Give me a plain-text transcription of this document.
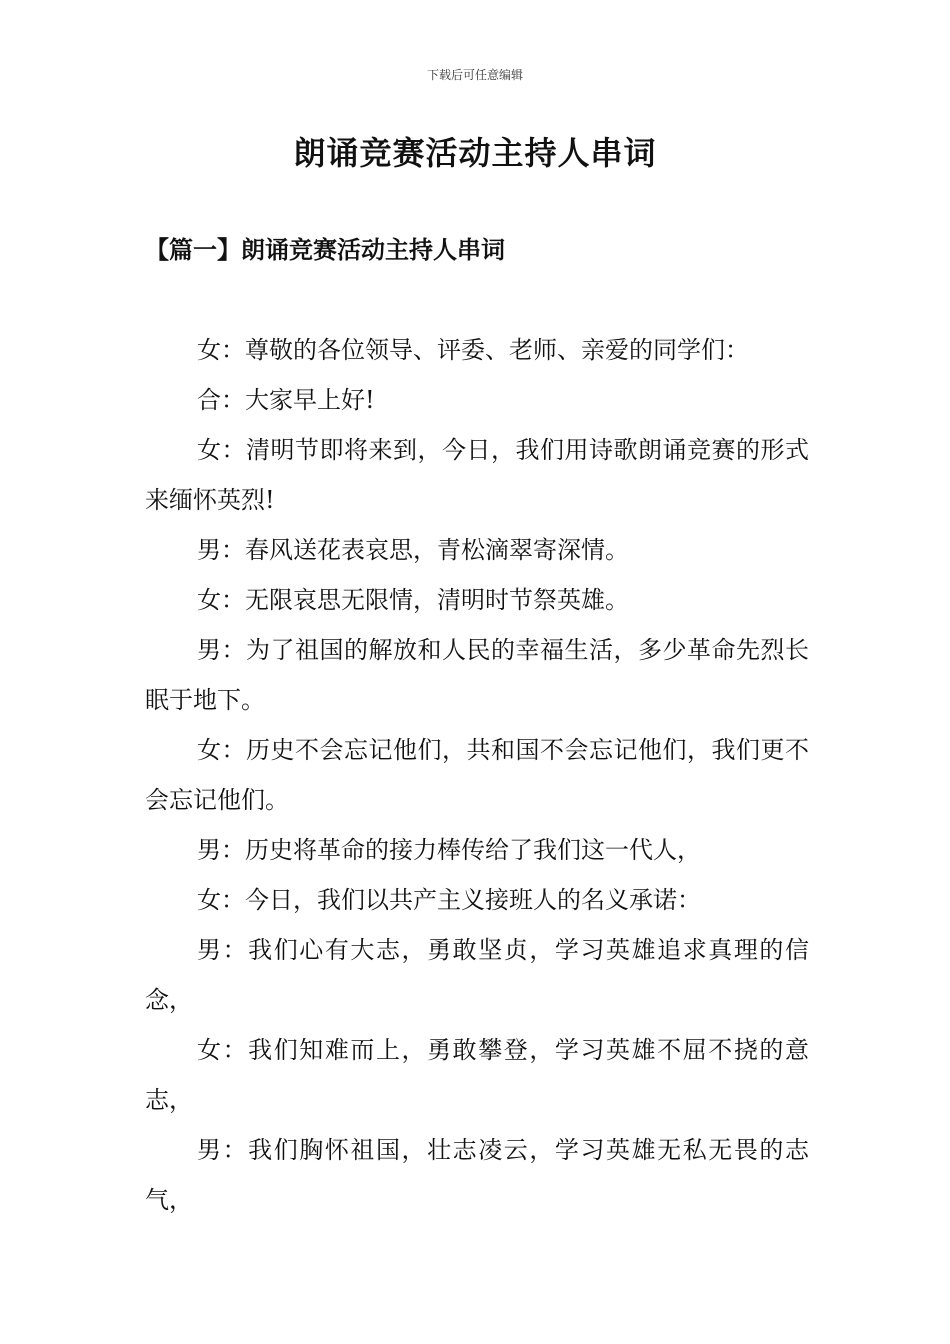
下载后可任意编辑
朗诵竞赛活动主持人串词
【篇一】朗诵竞赛活动主持人串词

女：尊敬的各位领导、评委、老师、亲爱的同学们：

合：大家早上好!

女：清明节即将来到，今日，我们用诗歌朗诵竞赛的形式来缅怀英烈!

男：春风送花表哀思，青松滴翠寄深情。

女：无限哀思无限情，清明时节祭英雄。

男：为了祖国的解放和人民的幸福生活，多少革命先烈长眠于地下。

女：历史不会忘记他们，共和国不会忘记他们，我们更不会忘记他们。

男：历史将革命的接力棒传给了我们这一代人，

女：今日，我们以共产主义接班人的名义承诺：

男：我们心有大志，勇敢坚贞，学习英雄追求真理的信念，

女：我们知难而上，勇敢攀登，学习英雄不屈不挠的意志，

男：我们胸怀祖国，壮志凌云，学习英雄无私无畏的志气，
